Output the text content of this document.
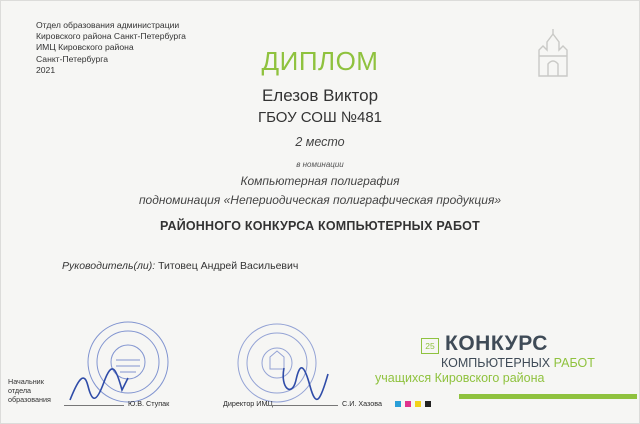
Отдел образования администрации
Кировского района Санкт-Петербурга
ИМЦ Кировского района
Санкт-Петербурга
2021	ДИПЛОМ
Елезов Виктор
ГБОУ СОШ №481
2 место
в номинации
Компьютерная полиграфия
подноминация «Непериодическая полиграфическая продукция»
РАЙОННОГО КОНКУРСА КОМПЬЮТЕРНЫХ РАБОТ
Руководитель(ли): Титовец Андрей Васильевич
Начальник
отдела
образования	Ю.В. Ступак	Директор ИМЦ	С.И. Хазова
25 КОНКУРС
КОМПЬЮТЕРНЫХ РАБОТ
учащихся Кировского района
